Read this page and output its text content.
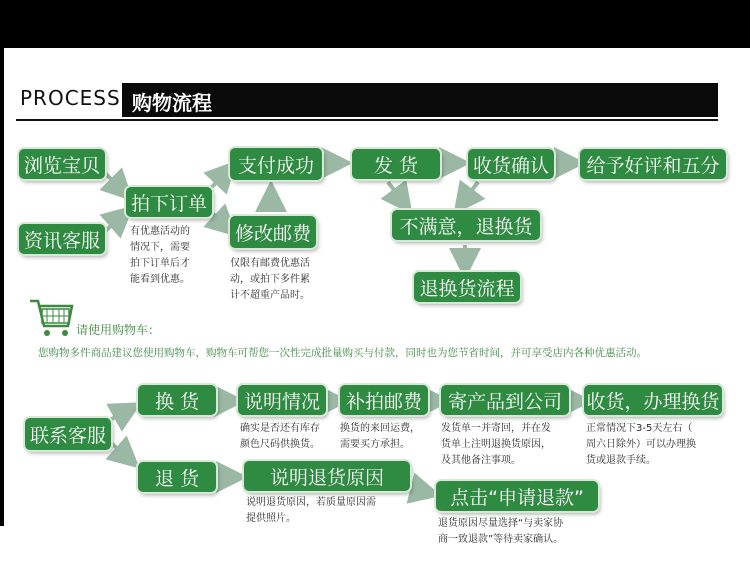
PROCESS 购物流程
浏览宝贝
资讯客服
拍下订单
支付成功
修改邮费
发 货	收货确认	给予好评和五分
不满意，退换货
退换货流程
有优惠活动的
情况下，需要
拍下订单后才
能看到优惠。
仅限有邮费优惠活
动，或拍下多件累
计不超重产品时。
请使用购物车：
您购物多件商品建议您使用购物车，购物车可帮您一次性完成批量购买与付款，同时也为您节省时间，并可享受店内各种优惠活动。
联系客服
换 货	说明情况	补拍邮费	寄产品到公司	收货，办理换货
退 货	说明退货原因
点击“申请退款”
确实是否还有库存
颜色尺码供换货。
换货的来回运费，
需要买方承担。
发货单一并寄回，并在发
货单上注明退换货原因，
及其他备注事项。
正常情况下3-5天左右（
周六日除外）可以办理换
货或退款手续。
说明退货原因，若质量原因需
提供照片。	退货原因尽量选择“与卖家协
商一致退款”等待卖家确认。
